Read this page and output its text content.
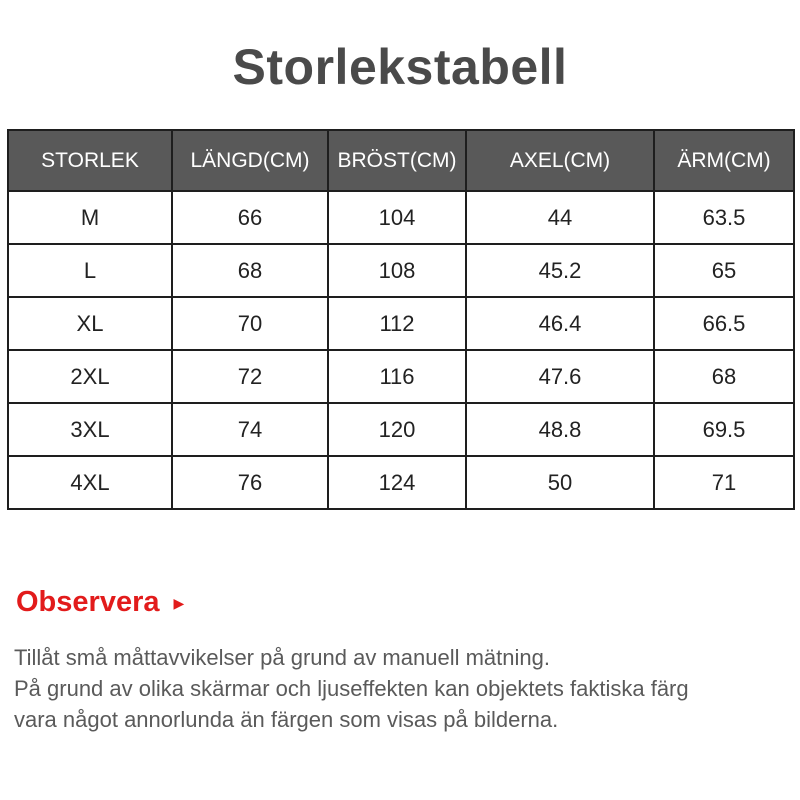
Storlekstabell
STORLEK	LÄNGD(CM)	BRÖST(CM)	AXEL(CM)	ÄRM(CM)
M	66	104	44	63.5
L	68	108	45.2	65
XL	70	112	46.4	66.5
2XL	72	116	47.6	68
3XL	74	120	48.8	69.5
4XL	76	124	50	71
Observera ▶
Tillåt små måttavvikelser på grund av manuell mätning.
På grund av olika skärmar och ljuseffekten kan objektets faktiska färg
vara något annorlunda än färgen som visas på bilderna.
